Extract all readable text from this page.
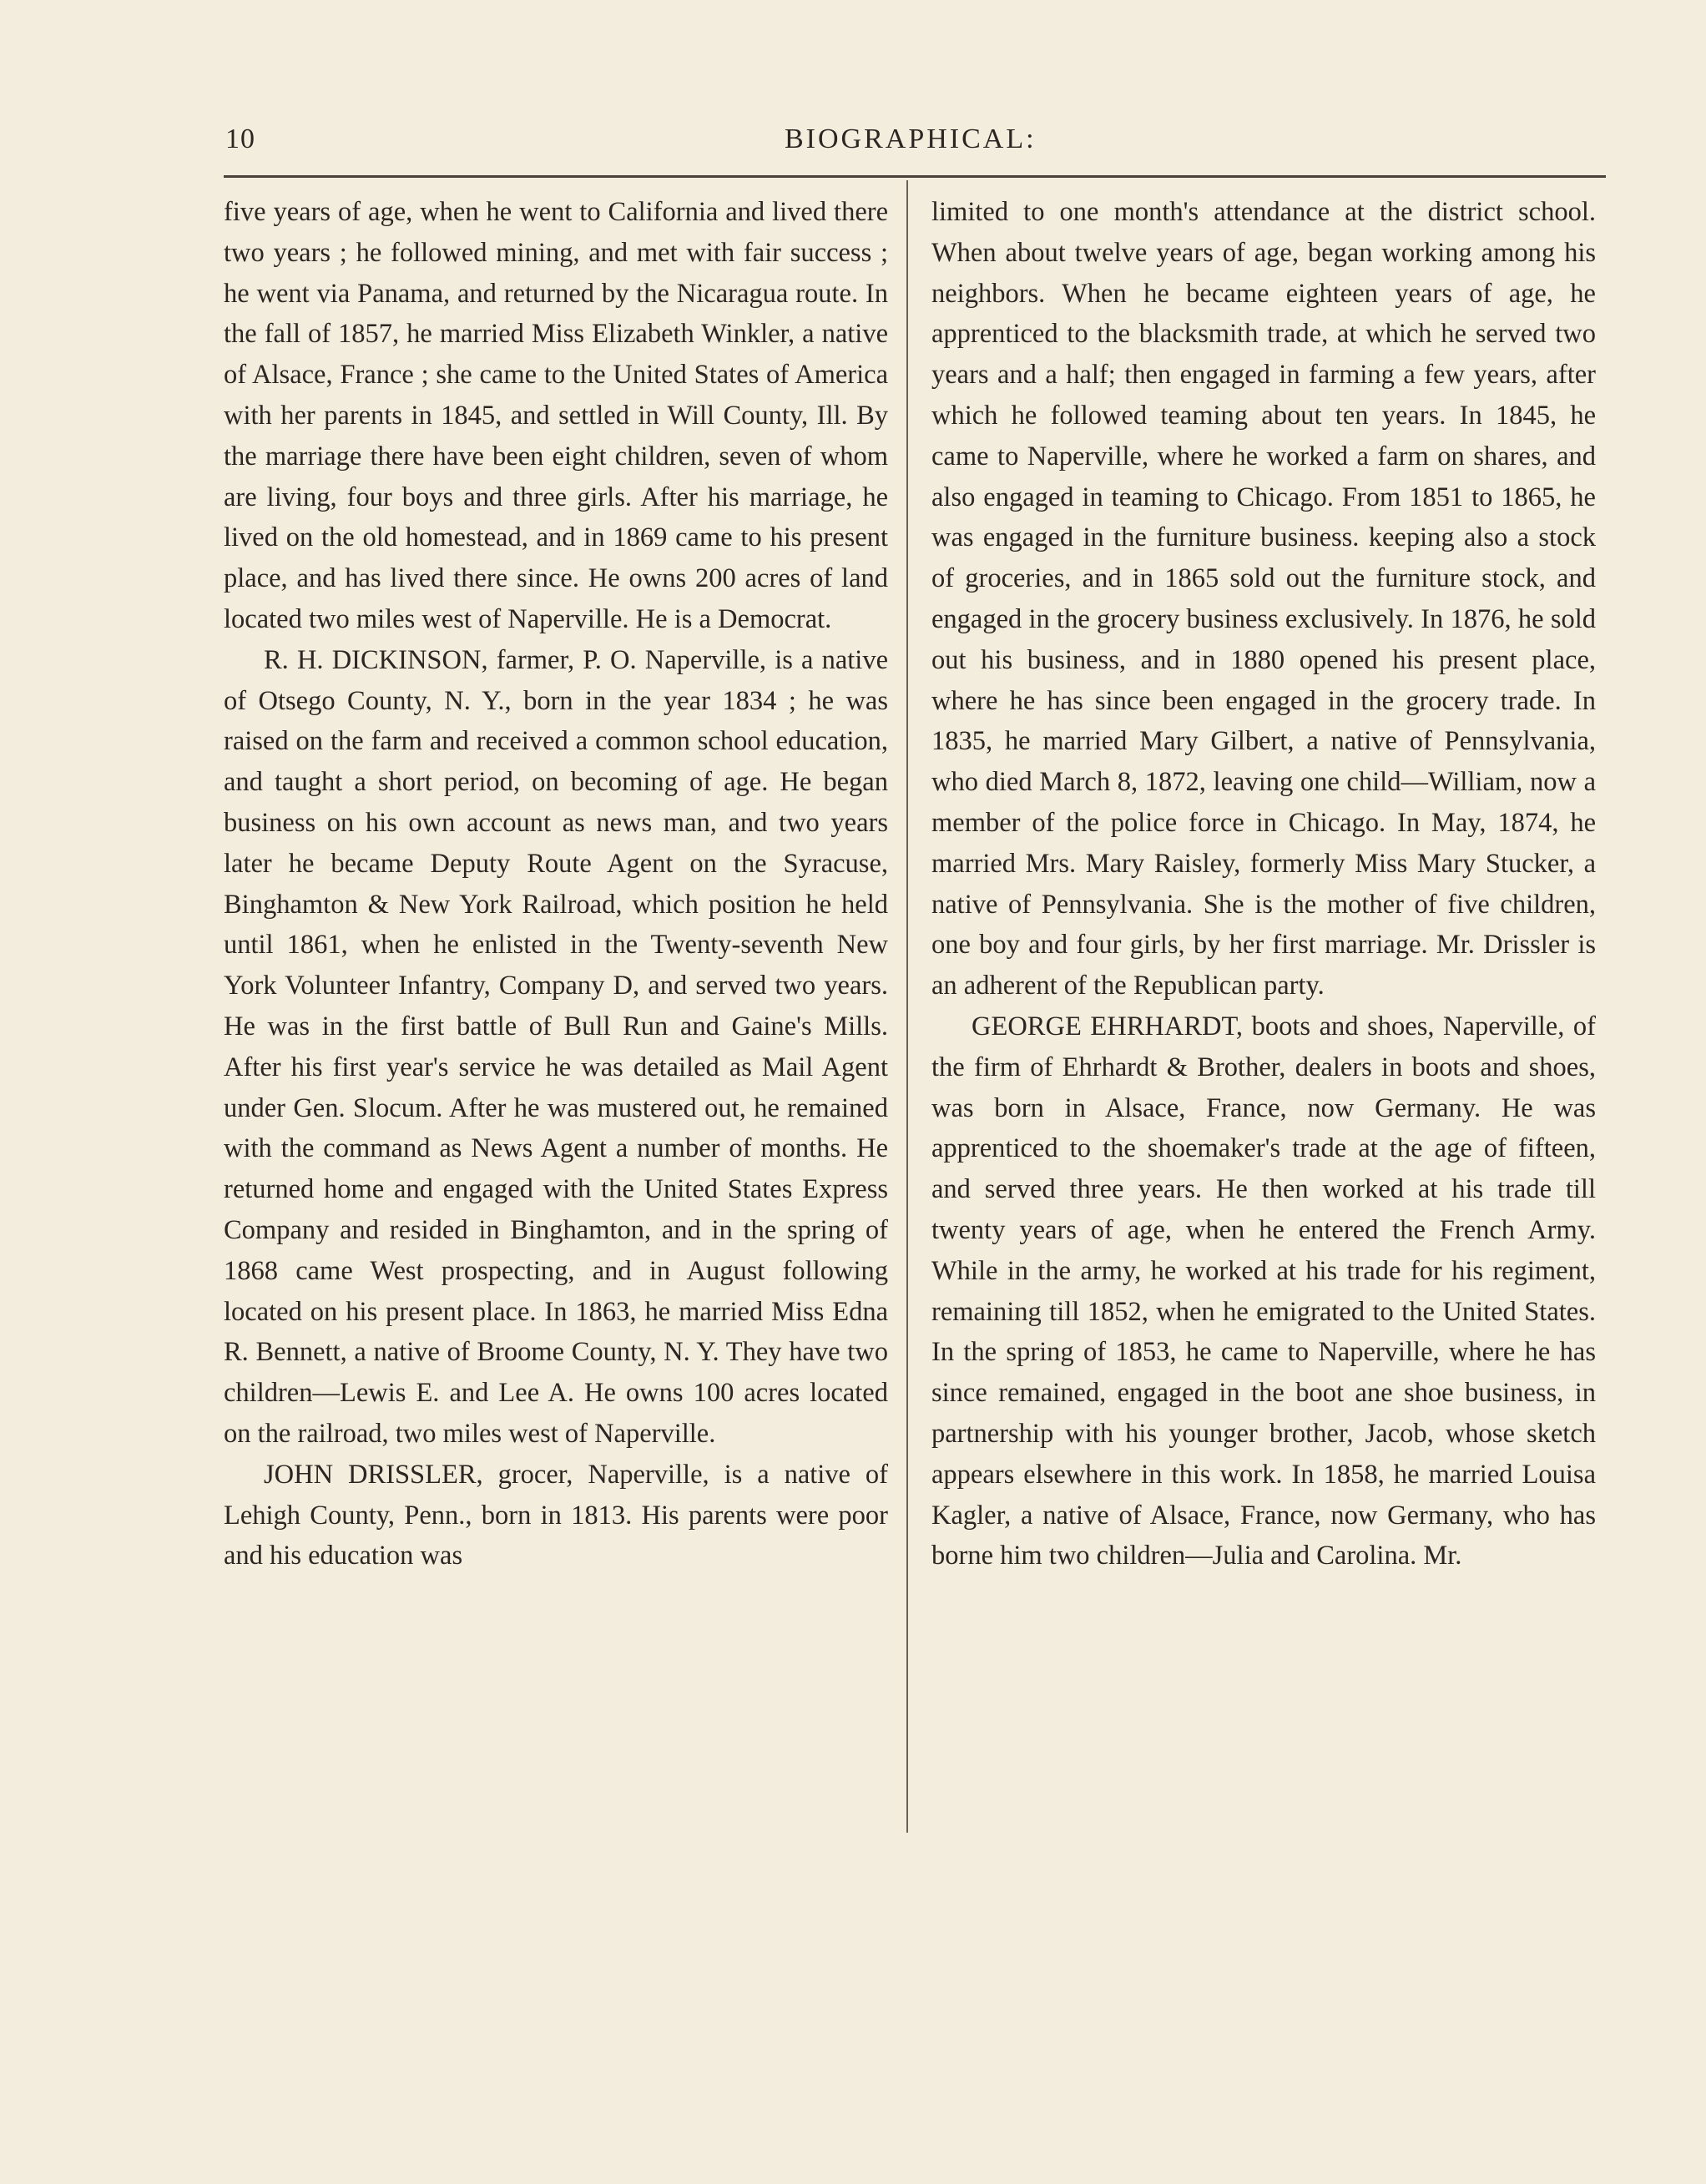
10	BIOGRAPHICAL:

five years of age, when he went to California and lived there two years ; he followed mining, and met with fair success ; he went via Panama, and returned by the Nicaragua route. In the fall of 1857, he married Miss Elizabeth Winkler, a native of Alsace, France ; she came to the United States of America with her parents in 1845, and settled in Will County, Ill. By the marriage there have been eight children, seven of whom are living, four boys and three girls. After his marriage, he lived on the old homestead, and in 1869 came to his present place, and has lived there since. He owns 200 acres of land located two miles west of Naperville. He is a Democrat.

R. H. DICKINSON, farmer, P. O. Naperville, is a native of Otsego County, N. Y., born in the year 1834 ; he was raised on the farm and received a common school education, and taught a short period, on becoming of age. He began business on his own account as news man, and two years later he became Deputy Route Agent on the Syracuse, Binghamton & New York Railroad, which position he held until 1861, when he enlisted in the Twenty-seventh New York Volunteer Infantry, Company D, and served two years. He was in the first battle of Bull Run and Gaine's Mills. After his first year's service he was detailed as Mail Agent under Gen. Slocum. After he was mustered out, he remained with the command as News Agent a number of months. He returned home and engaged with the United States Express Company and resided in Binghamton, and in the spring of 1868 came West prospecting, and in August following located on his present place. In 1863, he married Miss Edna R. Bennett, a native of Broome County, N. Y. They have two children—Lewis E. and Lee A. He owns 100 acres located on the railroad, two miles west of Naperville.

JOHN DRISSLER, grocer, Naperville, is a native of Lehigh County, Penn., born in 1813. His parents were poor and his education was

limited to one month's attendance at the district school. When about twelve years of age, began working among his neighbors. When he became eighteen years of age, he apprenticed to the blacksmith trade, at which he served two years and a half; then engaged in farming a few years, after which he followed teaming about ten years. In 1845, he came to Naperville, where he worked a farm on shares, and also engaged in teaming to Chicago. From 1851 to 1865, he was engaged in the furniture business. keeping also a stock of groceries, and in 1865 sold out the furniture stock, and engaged in the grocery business exclusively. In 1876, he sold out his business, and in 1880 opened his present place, where he has since been engaged in the grocery trade. In 1835, he married Mary Gilbert, a native of Pennsylvania, who died March 8, 1872, leaving one child—William, now a member of the police force in Chicago. In May, 1874, he married Mrs. Mary Raisley, formerly Miss Mary Stucker, a native of Pennsylvania. She is the mother of five children, one boy and four girls, by her first marriage. Mr. Drissler is an adherent of the Republican party.

GEORGE EHRHARDT, boots and shoes, Naperville, of the firm of Ehrhardt & Brother, dealers in boots and shoes, was born in Alsace, France, now Germany. He was apprenticed to the shoemaker's trade at the age of fifteen, and served three years. He then worked at his trade till twenty years of age, when he entered the French Army. While in the army, he worked at his trade for his regiment, remaining till 1852, when he emigrated to the United States. In the spring of 1853, he came to Naperville, where he has since remained, engaged in the boot ane shoe business, in partnership with his younger brother, Jacob, whose sketch appears elsewhere in this work. In 1858, he married Louisa Kagler, a native of Alsace, France, now Germany, who has borne him two children—Julia and Carolina. Mr.
